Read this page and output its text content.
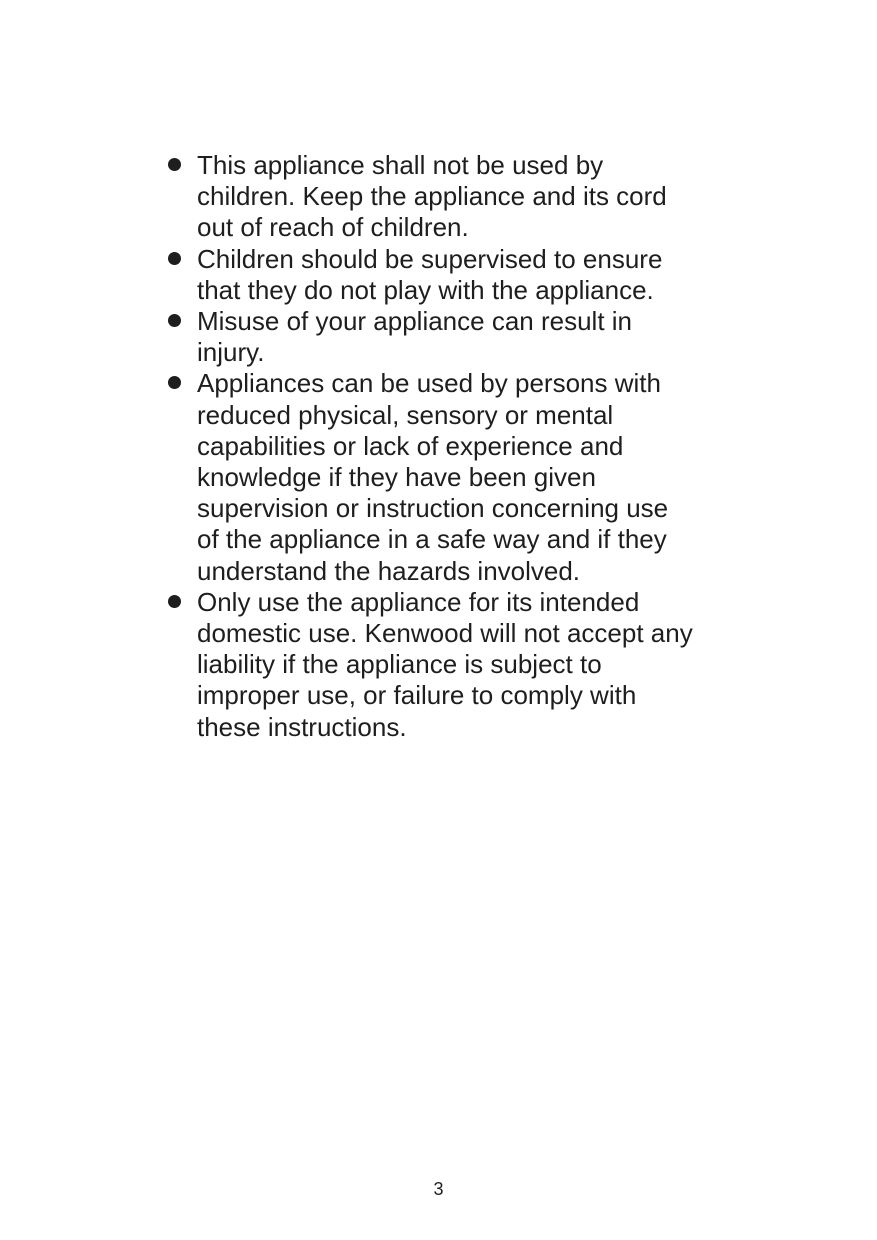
This appliance shall not be used by children. Keep the appliance and its cord out of reach of children.
Children should be supervised to ensure that they do not play with the appliance.
Misuse of your appliance can result in injury.
Appliances can be used by persons with reduced physical, sensory or mental capabilities or lack of experience and knowledge if they have been given supervision or instruction concerning use of the appliance in a safe way and if they understand the hazards involved.
Only use the appliance for its intended domestic use. Kenwood will not accept any liability if the appliance is subject to improper use, or failure to comply with these instructions.
3
